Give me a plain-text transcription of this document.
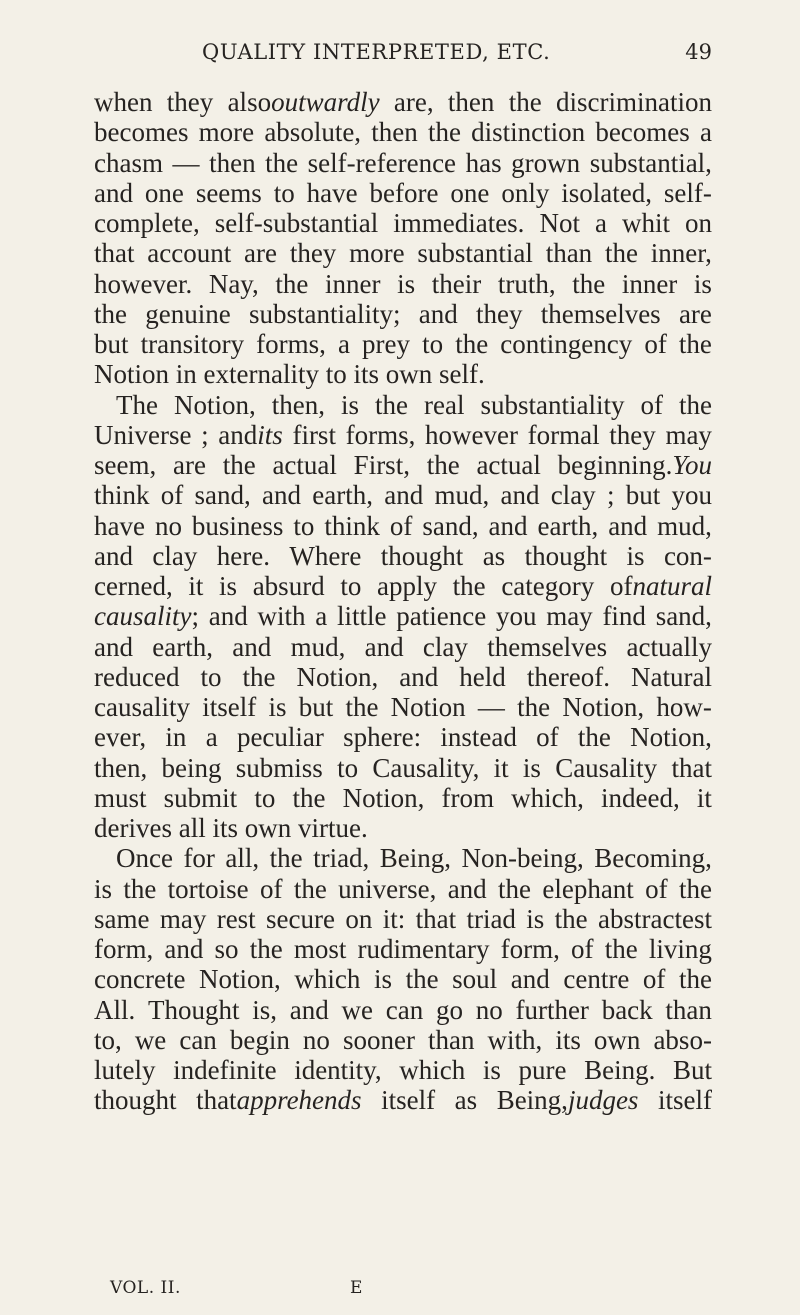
QUALITY INTERPRETED, ETC.	49
when they alsooutwardly are, then the discrimination
becomes more absolute, then the distinction becomes a
chasm — then the self-reference has grown substantial,
and one seems to have before one only isolated, self-
complete, self-substantial immediates. Not a whit on
that account are they more substantial than the inner,
however. Nay, the inner is their truth, the inner is
the genuine substantiality; and they themselves are
but transitory forms, a prey to the contingency of the
Notion
in
externality
to
its
own
self.
The Notion, then, is the real substantiality of the
Universe ; andits first forms, however formal they may
seem, are the actual First, the actual beginning.You
think of sand, and earth, and mud, and clay ; but you
have no business to think of sand, and earth, and mud,
and clay here. Where thought as thought is con-
cerned, it is absurd to apply the category ofnatural
causality; and with a little patience you may find sand,
and earth, and mud, and clay themselves actually
reduced to the Notion, and held thereof. Natural
causality itself is but the Notion — the Notion, how-
ever, in a peculiar sphere: instead of the Notion,
then, being submiss to Causality, it is Causality that
must submit to the Notion, from which, indeed, it
derives
all
its
own
virtue.
Once for all, the triad, Being, Non-being, Becoming,
is the tortoise of the universe, and the elephant of the
same may rest secure on it: that triad is the abstractest
form, and so the most rudimentary form, of the living
concrete Notion, which is the soul and centre of the
All. Thought is, and we can go no further back than
to, we can begin no sooner than with, its own abso-
lutely indefinite identity, which is pure Being. But
thought thatapprehends itself as Being,judges itself
VOL. II.	E
